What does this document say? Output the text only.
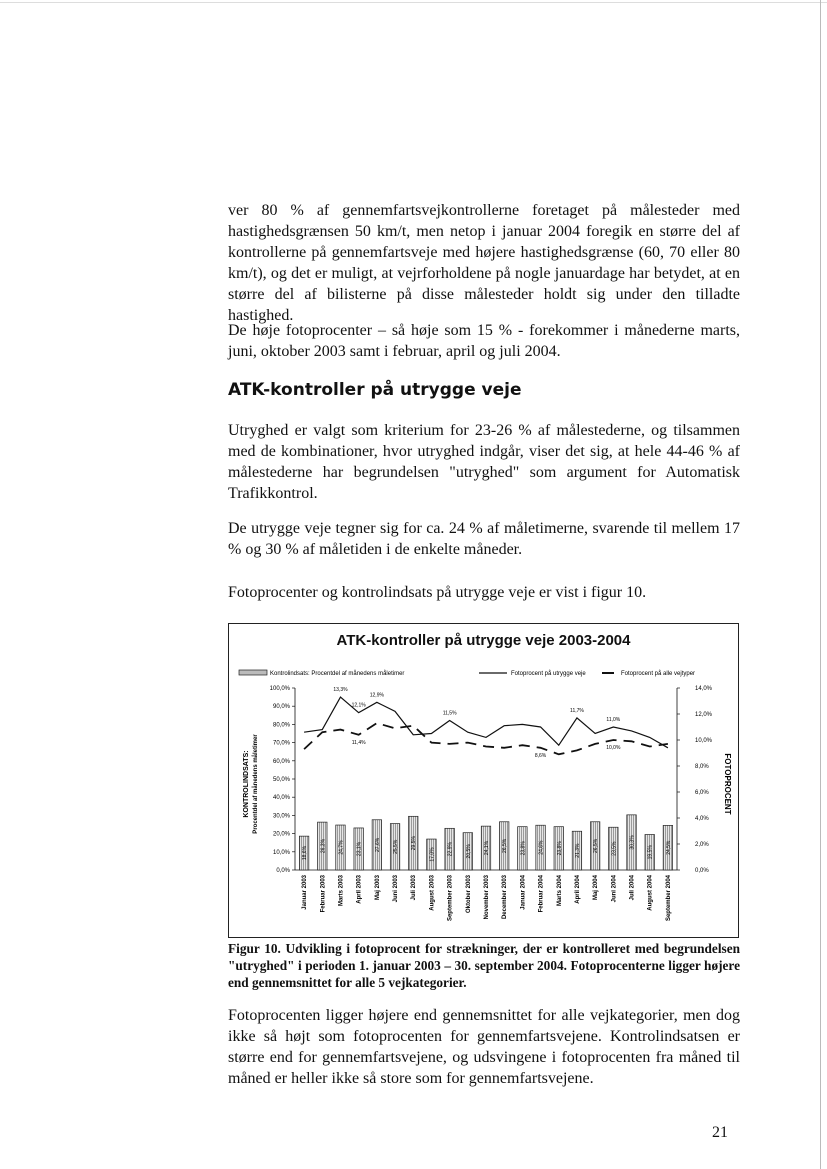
ver 80 % af gennemfartsvejkontrollerne foretaget på målesteder med hastighedsgrænsen 50 km/t, men netop i januar 2004 foregik en større del af kontrollerne på gennemfartsveje med højere hastighedsgrænse (60, 70 eller 80 km/t), og det er muligt, at vejrforholdene på nogle januardage har betydet, at en større del af bilisterne på disse målesteder holdt sig under den tilladte hastighed.

De høje fotoprocenter – så høje som 15 % - forekommer i månederne marts, juni, oktober 2003 samt i februar, april og juli 2004.

ATK-kontroller på utrygge veje

Utryghed er valgt som kriterium for 23-26 % af målestederne, og tilsammen med de kombinationer, hvor utryghed indgår, viser det sig, at hele 44-46 % af målestederne har begrundelsen "utryghed" som argument for Automatisk Trafikkontrol.

De utrygge veje tegner sig for ca. 24 % af måletimerne, svarende til mellem 17 % og 30 % af måletiden i de enkelte måneder.

Fotoprocenter og kontrolindsats på utrygge veje er vist i figur 10.

ATK-kontroller på utrygge veje 2003-2004
Kontrolindsats: Procentdel af månedens måletimer	Fotoprocent på utrygge veje	Fotoprocent på alle vejtyper
0,0%
10,0%
20,0%
30,0%
40,0%
50,0%
60,0%
70,0%
80,0%
90,0%
100,0%
0,0%
2,0%
4,0%
6,0%
8,0%
10,0%
12,0%
14,0%
KONTROLINDSATS: Procentdel af månedens måletimer	FOTOPROCENT
18,6% 26,3% 24,7% 23,1% 27,6% 25,5% 29,5%
17,0% 22,9% 20,5% 24,1% 26,5% 23,8% 24,6% 23,8% 21,3% 26,5% 23,5% 30,3%
19,5% 24,5%
13,3%
12,1%
12,9%
11,5%	11,7%
11,0%
11,4%
8,6%
10,0%
Januar 2003 Februar 2003 Marts 2003 April 2003 Maj 2003 Juni 2003 Juli 2003 August 2003 September 2003 Oktober 2003 November 2003 December 2003 Januar 2004 Februar 2004 Marts 2004 April 2004 Maj 2004 Juni 2004 Juli 2004 August 2004 September 2004

Figur 10. Udvikling i fotoprocent for strækninger, der er kontrolleret med begrundelsen "utryghed" i perioden 1. januar 2003 – 30. september 2004. Fotoprocenterne ligger højere end gennemsnittet for alle 5 vejkategorier.

Fotoprocenten ligger højere end gennemsnittet for alle vejkategorier, men dog ikke så højt som fotoprocenten for gennemfartsvejene. Kontrolindsatsen er større end for gennemfartsvejene, og udsvingene i fotoprocenten fra måned til måned er heller ikke så store som for gennemfartsvejene.

21
